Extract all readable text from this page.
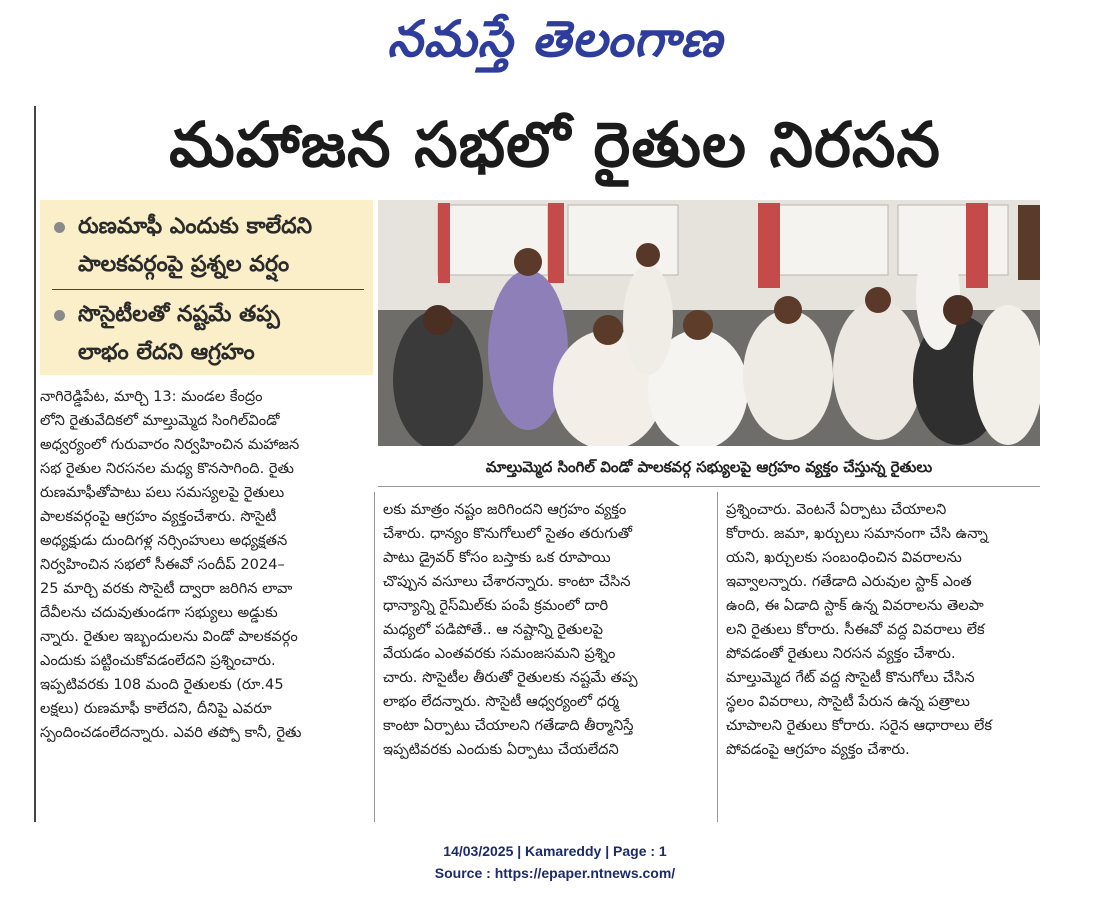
నమస్తే తెలంగాణ
మహాజన సభలో రైతుల నిరసన
రుణమాఫీ ఎందుకు కాలేదని
పాలకవర్గంపై ప్రశ్నల వర్షం
సొసైటీలతో నష్టమే తప్ప
లాభం లేదని ఆగ్రహం
మాల్తుమ్మెద సింగిల్ విండో పాలకవర్గ సభ్యులపై ఆగ్రహం వ్యక్తం చేస్తున్న రైతులు

నాగిరెడ్డిపేట, మార్చి 13: మండల కేంద్రం

లోని రైతువేదికలో మాల్తుమ్మెద సింగిల్‌విండో

అధ్వర్యంలో గురువారం నిర్వహించిన మహాజన

సభ రైతుల నిరసనల మధ్య కొనసాగింది. రైతు

రుణమాఫీతోపాటు పలు సమస్యలపై రైతులు

పాలకవర్గంపై ఆగ్రహం వ్యక్తంచేశారు. సొసైటీ

అధ్యక్షుడు దుందిగళ్ల నర్సింహులు అధ్యక్షతన

నిర్వహించిన సభలో సీఈవో సందీప్ 2024–

25 మార్చి వరకు సొసైటీ ద్వారా జరిగిన లావా

దేవీలను చదువుతుండగా సభ్యులు అడ్డుకు

న్నారు. రైతుల ఇబ్బందులను విండో పాలకవర్గం

ఎందుకు పట్టించుకోవడంలేదని ప్రశ్నించారు.

ఇప్పటివరకు 108 మంది రైతులకు (రూ.45

లక్షలు) రుణమాఫీ కాలేదని, దీనిపై ఎవరూ

స్పందించడంలేదన్నారు. ఎవరి తప్పో కానీ, రైతు

లకు మాత్రం నష్టం జరిగిందని ఆగ్రహం వ్యక్తం

చేశారు. ధాన్యం కొనుగోలులో సైతం తరుగుతో

పాటు డ్రైవర్ కోసం బస్తాకు ఒక రూపాయి

చొప్పున వసూలు చేశారన్నారు. కాంటా చేసిన

ధాన్యాన్ని రైస్‌మిల్‌కు పంపే క్రమంలో దారి

మధ్యలో పడిపోతే.. ఆ నష్టాన్ని రైతులపై

వేయడం ఎంతవరకు సమంజసమని ప్రశ్నిం

చారు. సొసైటీల తీరుతో రైతులకు నష్టమే తప్ప

లాభం లేదన్నారు. సొసైటీ ఆధ్వర్యంలో ధర్మ

కాంటా ఏర్పాటు చేయాలని గతేడాది తీర్మానిస్తే

ఇప్పటివరకు ఎందుకు ఏర్పాటు చేయలేదని

ప్రశ్నించారు. వెంటనే ఏర్పాటు చేయాలని

కోరారు. జమా, ఖర్చులు సమానంగా చేసి ఉన్నా

యని, ఖర్చులకు సంబంధించిన వివరాలను

ఇవ్వాలన్నారు. గతేడాది ఎరువుల స్టాక్ ఎంత

ఉంది, ఈ ఏడాది స్టాక్ ఉన్న వివరాలను తెలపా

లని రైతులు కోరారు. సీఈవో వద్ద వివరాలు లేక

పోవడంతో రైతులు నిరసన వ్యక్తం చేశారు.

మాల్తుమ్మెద గేట్ వద్ద సొసైటీ కొనుగోలు చేసిన

స్థలం వివరాలు, సొసైటీ పేరున ఉన్న పత్రాలు

చూపాలని రైతులు కోరారు. సరైన ఆధారాలు లేక

పోవడంపై ఆగ్రహం వ్యక్తం చేశారు.

14/03/2025 | Kamareddy | Page : 1
Source : https://epaper.ntnews.com/
